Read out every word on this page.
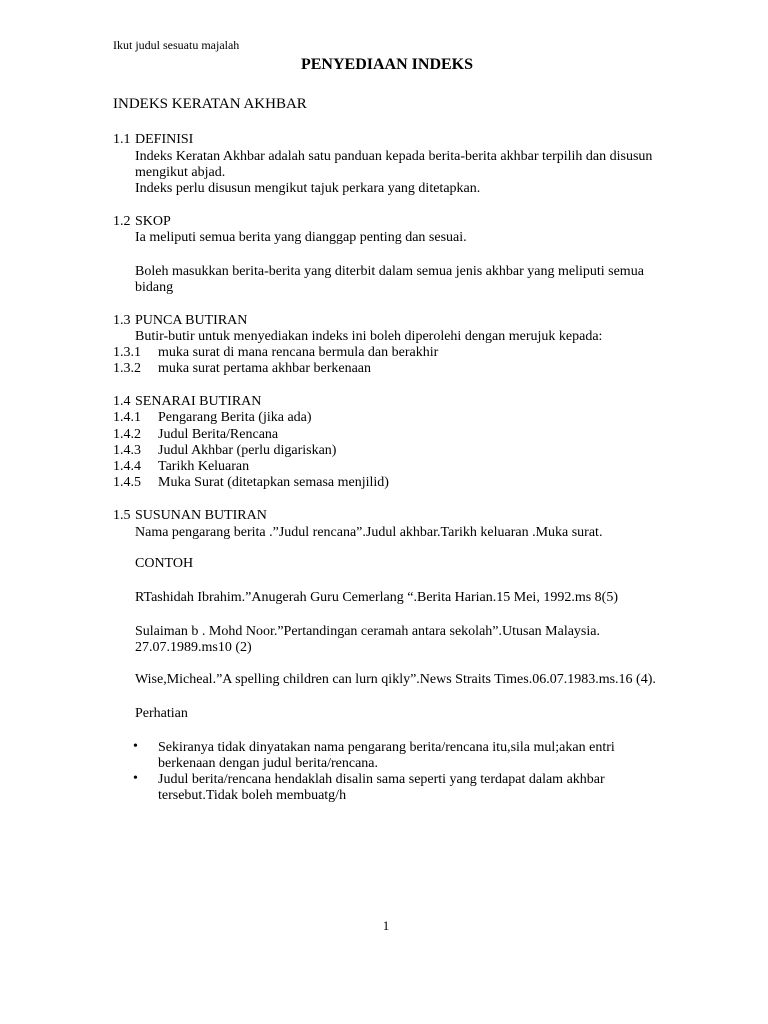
Ikut judul sesuatu majalah
PENYEDIAAN INDEKS
INDEKS KERATAN AKHBAR
1.1 DEFINISI
Indeks Keratan Akhbar adalah satu panduan kepada berita-berita akhbar terpilih dan disusun
mengikut abjad.
Indeks perlu disusun mengikut tajuk perkara yang ditetapkan.
1.2 SKOP
Ia meliputi semua berita yang dianggap penting dan sesuai.
Boleh masukkan berita-berita yang diterbit dalam semua jenis akhbar yang meliputi semua
bidang
1.3 PUNCA BUTIRAN
Butir-butir untuk menyediakan indeks ini boleh diperolehi dengan merujuk kepada:
1.3.1 muka surat di mana rencana bermula dan berakhir
1.3.2 muka surat pertama akhbar berkenaan
1.4 SENARAI BUTIRAN
1.4.1 Pengarang Berita (jika ada)
1.4.2 Judul Berita/Rencana
1.4.3 Judul Akhbar (perlu digariskan)
1.4.4 Tarikh Keluaran
1.4.5 Muka Surat (ditetapkan semasa menjilid)
1.5 SUSUNAN BUTIRAN
Nama pengarang berita .”Judul rencana”.Judul akhbar.Tarikh keluaran .Muka surat.
CONTOH
RTashidah Ibrahim.”Anugerah Guru Cemerlang “.Berita Harian.15 Mei, 1992.ms 8(5)
Sulaiman b . Mohd Noor.”Pertandingan ceramah antara sekolah”.Utusan Malaysia.
27.07.1989.ms10 (2)
Wise,Micheal.”A spelling children can lurn qikly”.News Straits Times.06.07.1983.ms.16 (4).
Perhatian
• Sekiranya tidak dinyatakan nama pengarang berita/rencana itu,sila mul;akan entri
berkenaan dengan judul berita/rencana.
• Judul berita/rencana hendaklah disalin sama seperti yang terdapat dalam akhbar
tersebut.Tidak boleh membuatg/h
1
